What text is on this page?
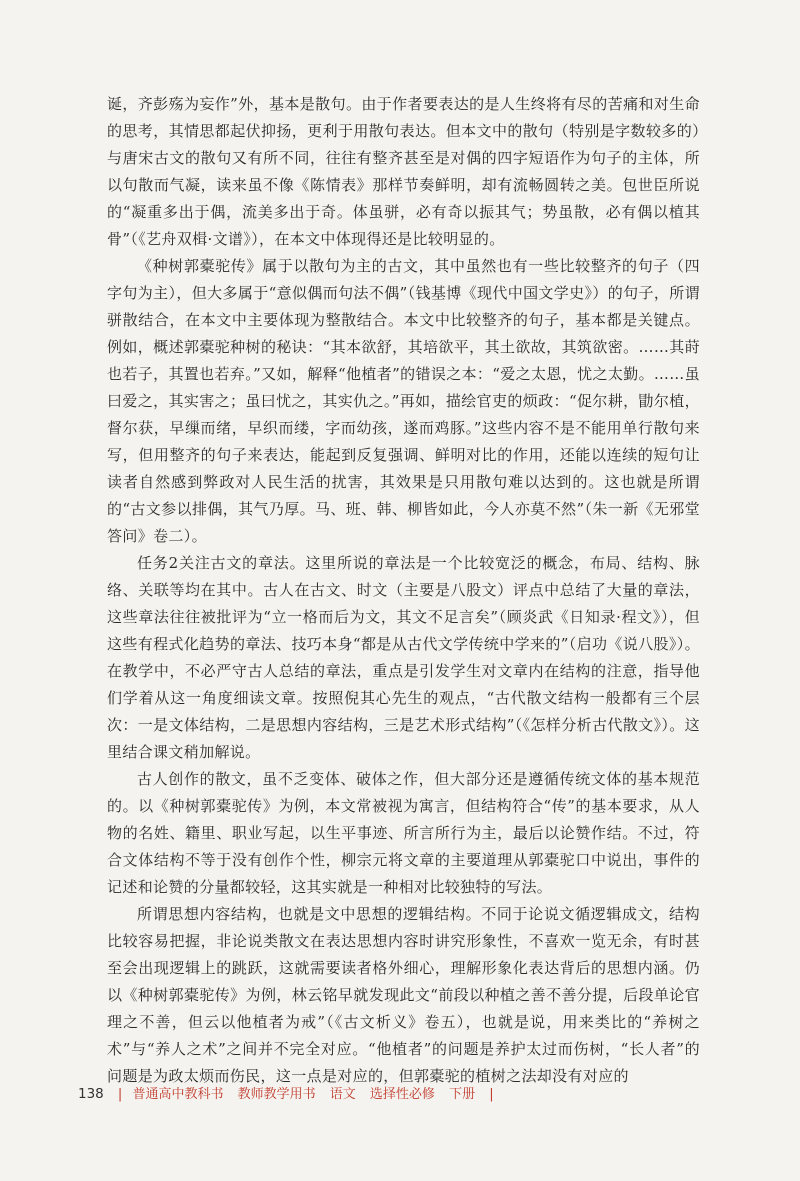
诞，齐彭殇为妄作”外，基本是散句。由于作者要表达的是人生终将有尽的苦痛和对生命的思考，其情思都起伏抑扬，更利于用散句表达。但本文中的散句（特别是字数较多的）与唐宋古文的散句又有所不同，往往有整齐甚至是对偶的四字短语作为句子的主体，所以句散而气凝，读来虽不像《陈情表》那样节奏鲜明，却有流畅圆转之美。包世臣所说的“凝重多出于偶，流美多出于奇。体虽骈，必有奇以振其气；势虽散，必有偶以植其骨”（《艺舟双楫·文谱》），在本文中体现得还是比较明显的。

《种树郭橐驼传》属于以散句为主的古文，其中虽然也有一些比较整齐的句子（四字句为主），但大多属于“意似偶而句法不偶”（钱基博《现代中国文学史》）的句子，所谓骈散结合，在本文中主要体现为整散结合。本文中比较整齐的句子，基本都是关键点。例如，概述郭橐驼种树的秘诀：“其本欲舒，其培欲平，其土欲故，其筑欲密。……其莳也若子，其置也若弃。”又如，解释“他植者”的错误之本：“爱之太恩，忧之太勤。……虽曰爱之，其实害之；虽曰忧之，其实仇之。”再如，描绘官吏的烦政：“促尔耕，勖尔植，督尔获，早缫而绪，早织而缕，字而幼孩，遂而鸡豚。”这些内容不是不能用单行散句来写，但用整齐的句子来表达，能起到反复强调、鲜明对比的作用，还能以连续的短句让读者自然感到弊政对人民生活的扰害，其效果是只用散句难以达到的。这也就是所谓的“古文参以排偶，其气乃厚。马、班、韩、柳皆如此，今人亦莫不然”（朱一新《无邪堂答问》卷二）。

任务2关注古文的章法。这里所说的章法是一个比较宽泛的概念，布局、结构、脉络、关联等均在其中。古人在古文、时文（主要是八股文）评点中总结了大量的章法，这些章法往往被批评为“立一格而后为文，其文不足言矣”（顾炎武《日知录·程文》），但这些有程式化趋势的章法、技巧本身“都是从古代文学传统中学来的”（启功《说八股》）。在教学中，不必严守古人总结的章法，重点是引发学生对文章内在结构的注意，指导他们学着从这一角度细读文章。按照倪其心先生的观点，“古代散文结构一般都有三个层次：一是文体结构，二是思想内容结构，三是艺术形式结构”（《怎样分析古代散文》）。这里结合课文稍加解说。

古人创作的散文，虽不乏变体、破体之作，但大部分还是遵循传统文体的基本规范的。以《种树郭橐驼传》为例，本文常被视为寓言，但结构符合“传”的基本要求，从人物的名姓、籍里、职业写起，以生平事迹、所言所行为主，最后以论赞作结。不过，符合文体结构不等于没有创作个性，柳宗元将文章的主要道理从郭橐驼口中说出，事件的记述和论赞的分量都较轻，这其实就是一种相对比较独特的写法。

所谓思想内容结构，也就是文中思想的逻辑结构。不同于论说文循逻辑成文，结构比较容易把握，非论说类散文在表达思想内容时讲究形象性，不喜欢一览无余，有时甚至会出现逻辑上的跳跃，这就需要读者格外细心，理解形象化表达背后的思想内涵。仍以《种树郭橐驼传》为例，林云铭早就发现此文“前段以种植之善不善分提，后段单论官理之不善，但云以他植者为戒”（《古文析义》卷五），也就是说，用来类比的“养树之术”与“养人之术”之间并不完全对应。“他植者”的问题是养护太过而伤树，“长人者”的问题是为政太烦而伤民，这一点是对应的，但郭橐驼的植树之法却没有对应的

138 | 普通高中教科书 教师教学用书 语文 选择性必修 下册 |
